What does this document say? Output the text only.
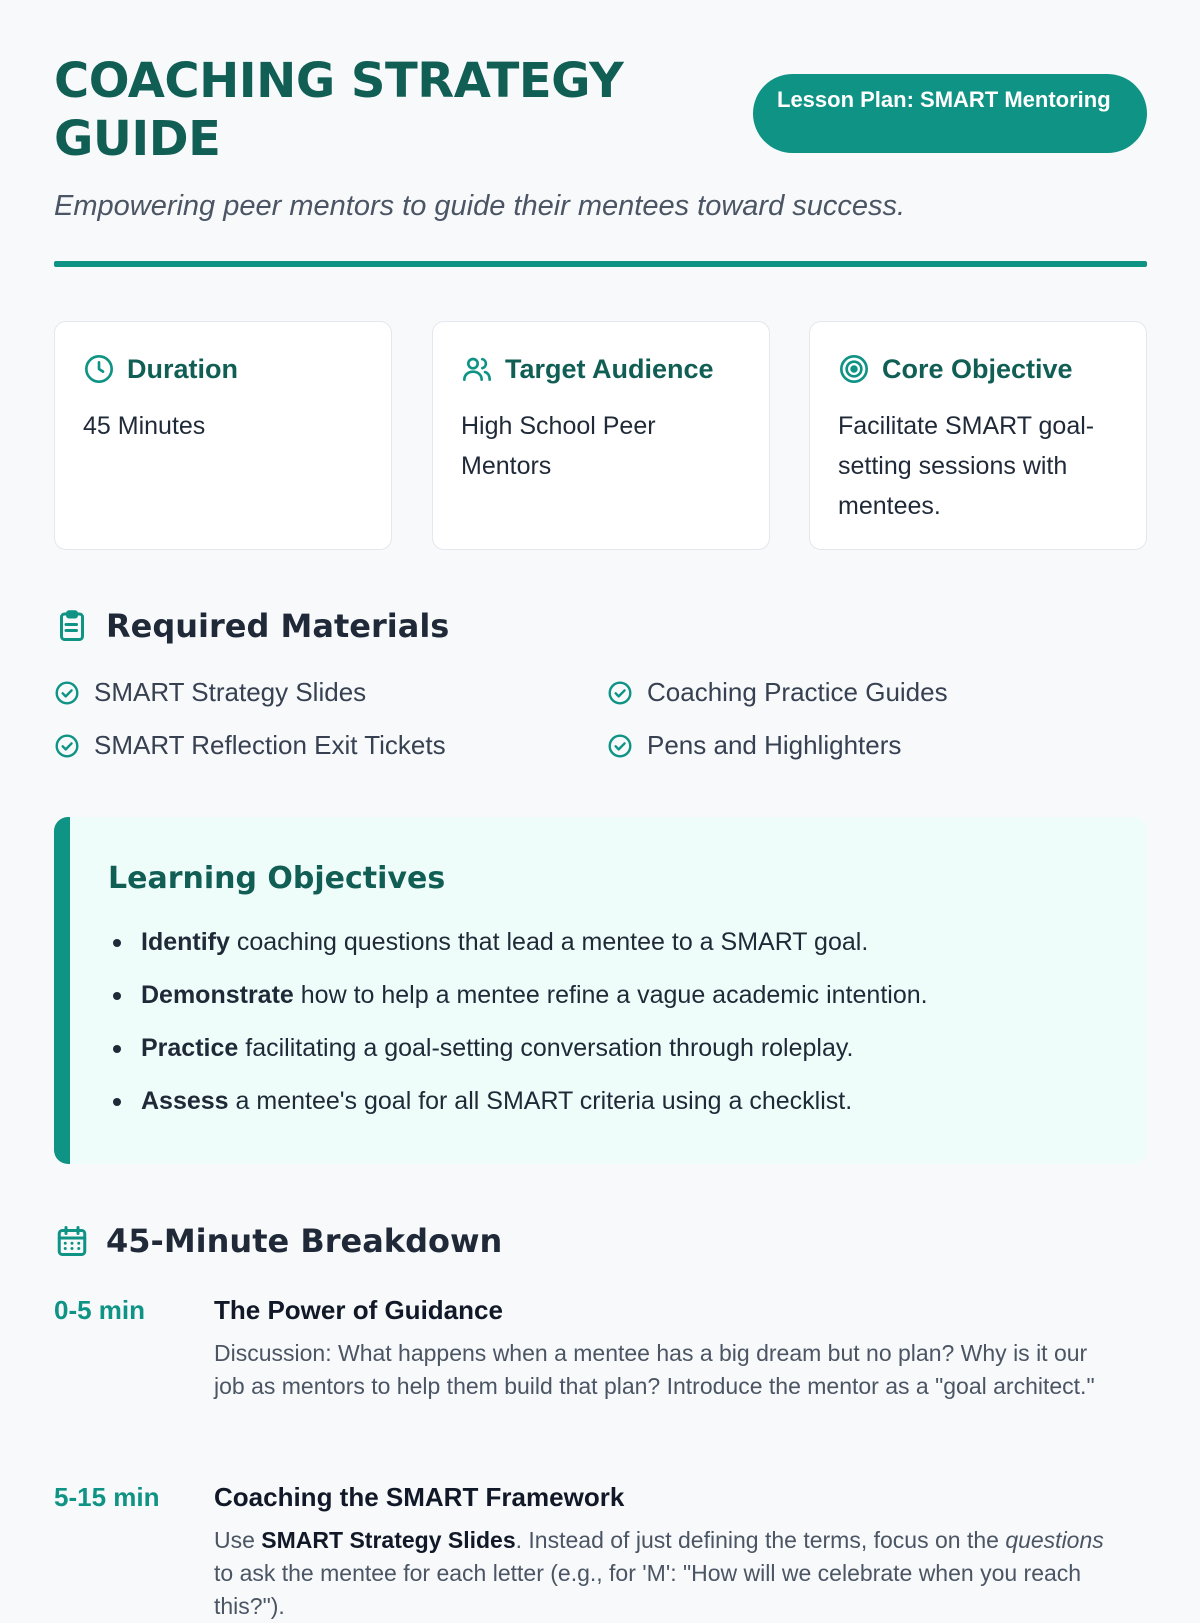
COACHING STRATEGY GUIDE
Lesson Plan: SMART Mentoring

Empowering peer mentors to guide their mentees toward success.

Duration
45 Minutes
Target Audience
High School Peer Mentors
Core Objective
Facilitate SMART goal-setting sessions with mentees.
Required Materials
SMART Strategy Slides	Coaching Practice Guides
SMART Reflection Exit Tickets	Pens and Highlighters
Learning Objectives
Identify coaching questions that lead a mentee to a SMART goal.
Demonstrate how to help a mentee refine a vague academic intention.
Practice facilitating a goal-setting conversation through roleplay.
Assess a mentee's goal for all SMART criteria using a checklist.
45-Minute Breakdown
0-5 min	The Power of Guidance
Discussion: What happens when a mentee has a big dream but no plan? Why is it our job as mentors to help them build that plan? Introduce the mentor as a "goal architect."
5-15 min Coaching the SMART Framework
Use SMART Strategy Slides. Instead of just defining the terms, focus on the questions to ask the mentee for each letter (e.g., for 'M': "How will we celebrate when you reach this?").
